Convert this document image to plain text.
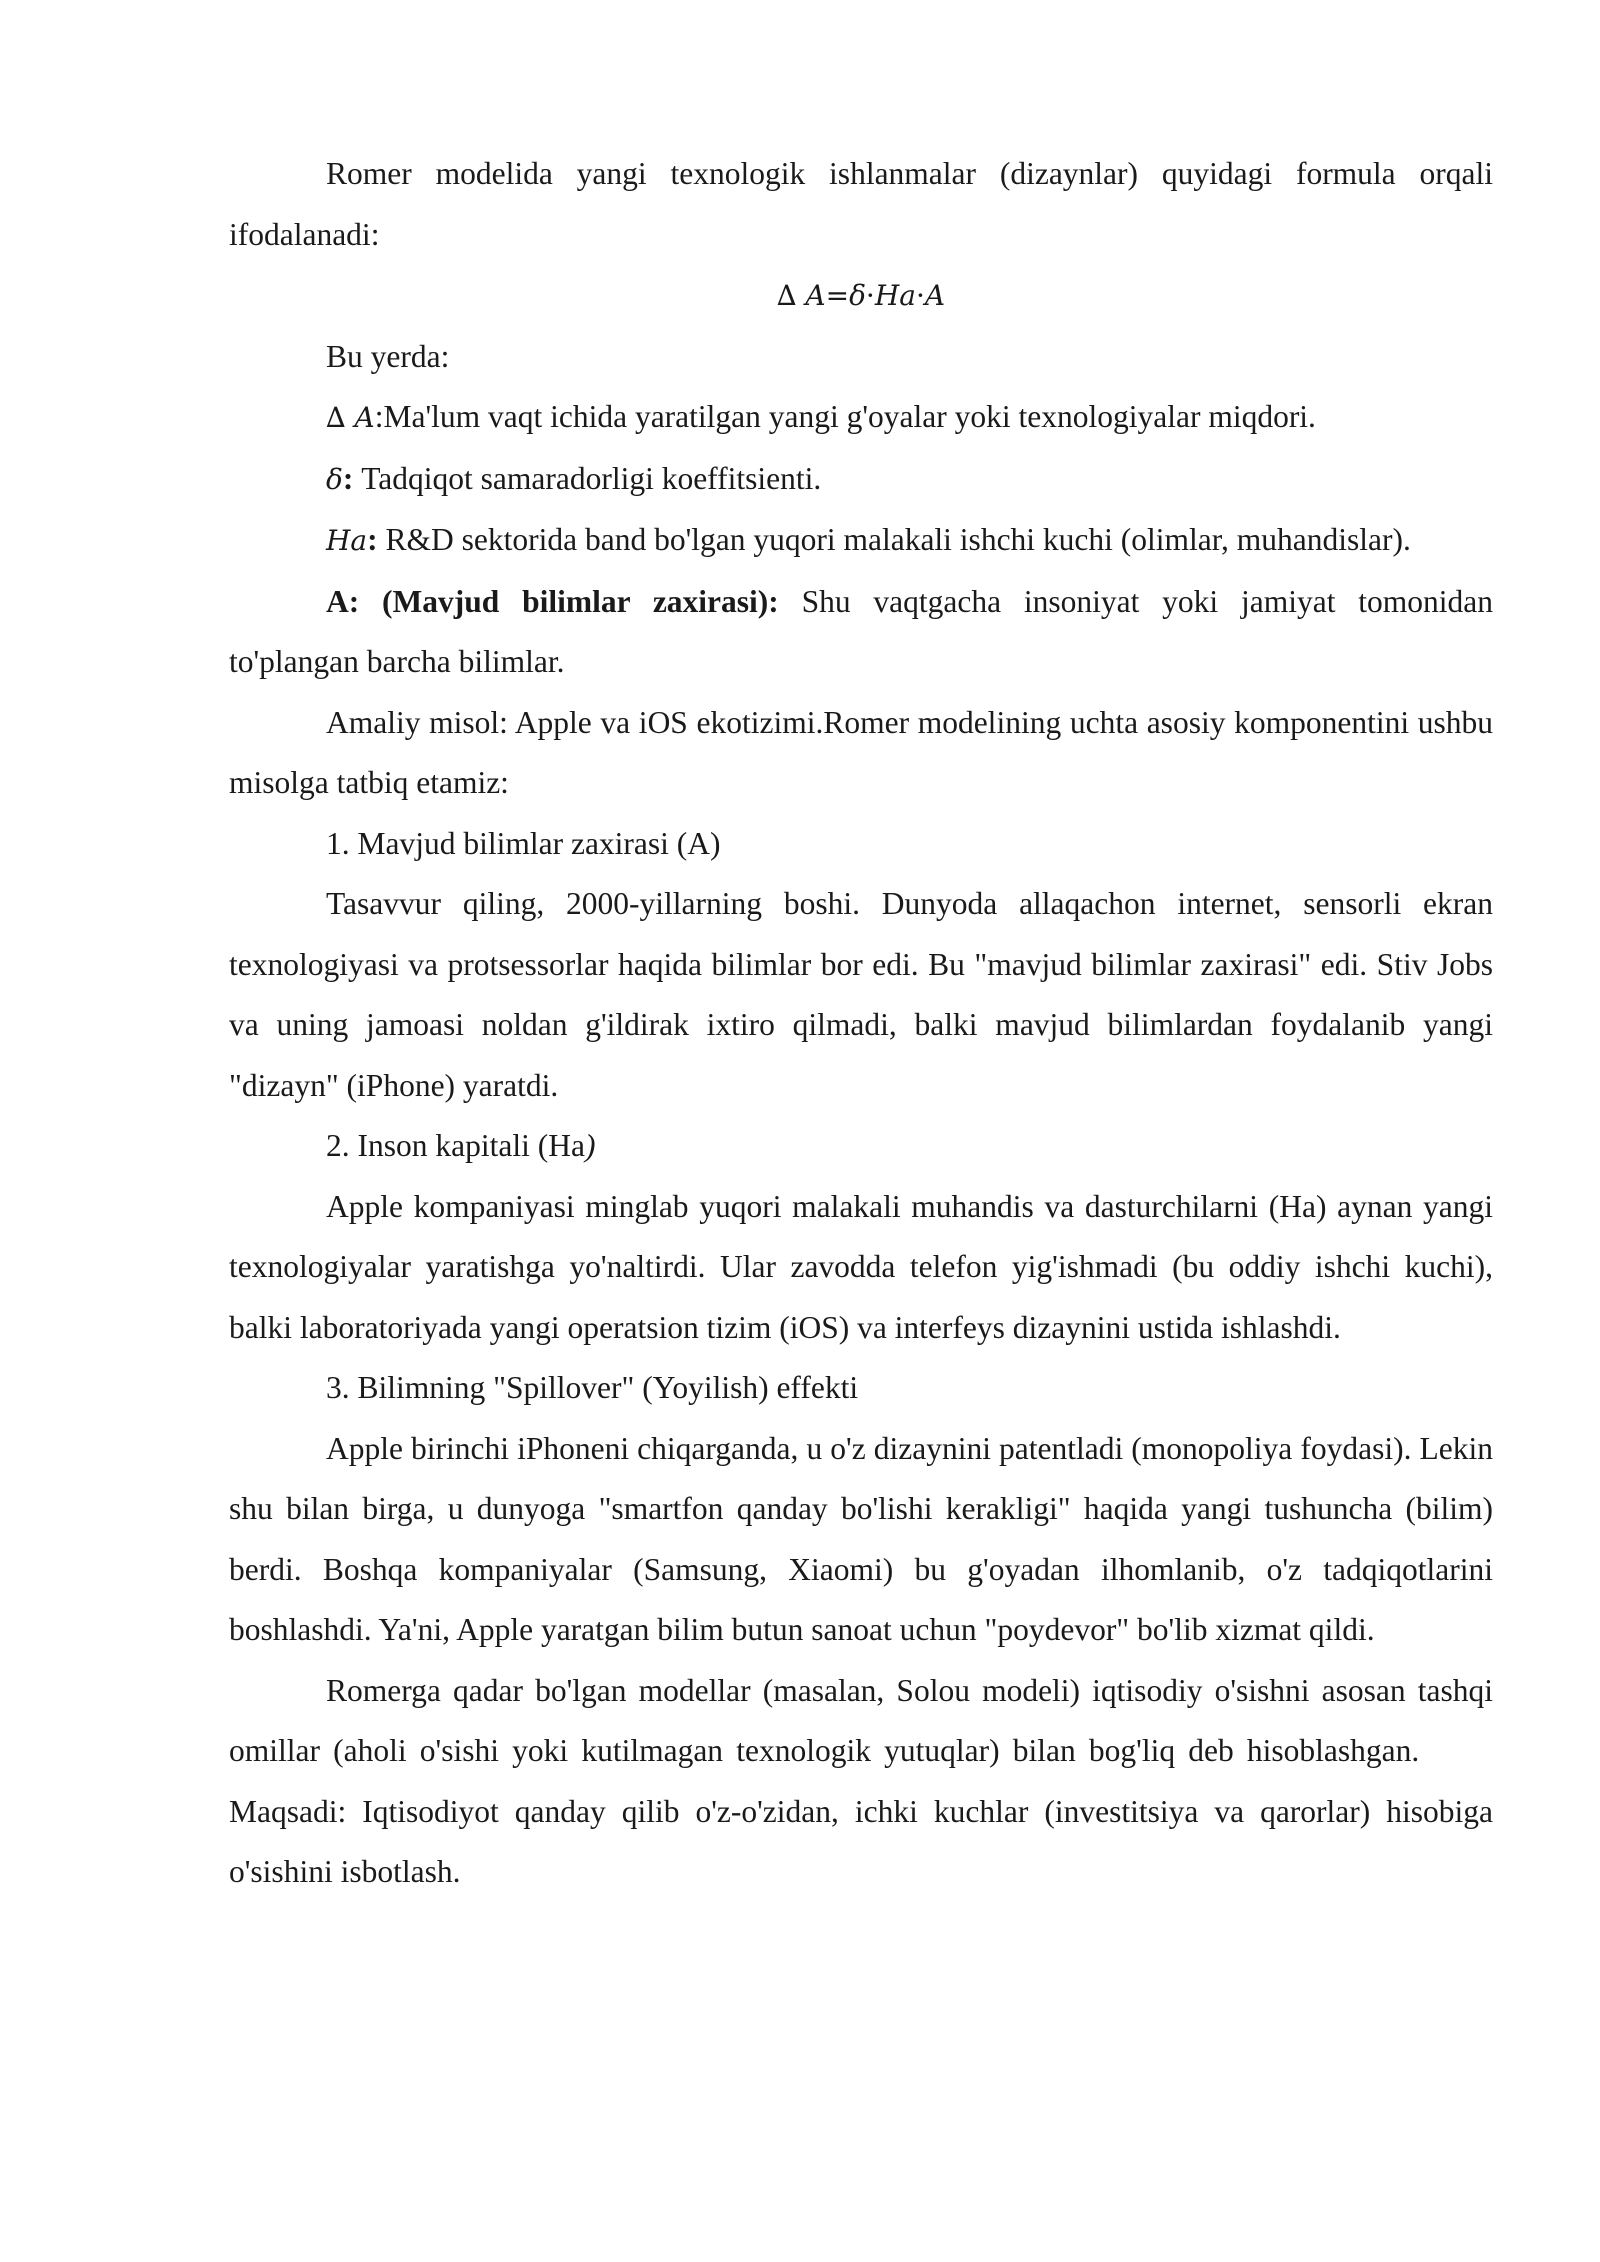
Romer modelida yangi texnologik ishlanmalar (dizaynlar) quyidagi formula orqali ifodalanadi:

∆ A=δ·Ha·A

Bu yerda:

∆ A:Ma'lum vaqt ichida yaratilgan yangi g'oyalar yoki texnologiyalar miqdori.

δ: Tadqiqot samaradorligi koeffitsienti.

Ha: R&D sektorida band bo'lgan yuqori malakali ishchi kuchi (olimlar, muhandislar).

A: (Mavjud bilimlar zaxirasi): Shu vaqtgacha insoniyat yoki jamiyat tomonidan to'plangan barcha bilimlar.

Amaliy misol: Apple va iOS ekotizimi.Romer modelining uchta asosiy komponentini ushbu misolga tatbiq etamiz:

1. Mavjud bilimlar zaxirasi (A)

Tasavvur qiling, 2000-yillarning boshi. Dunyoda allaqachon internet, sensorli ekran texnologiyasi va protsessorlar haqida bilimlar bor edi. Bu "mavjud bilimlar zaxirasi" edi. Stiv Jobs va uning jamoasi noldan g'ildirak ixtiro qilmadi, balki mavjud bilimlardan foydalanib yangi "dizayn" (iPhone) yaratdi.

2. Inson kapitali (Ha)

Apple kompaniyasi minglab yuqori malakali muhandis va dasturchilarni (Ha) aynan yangi texnologiyalar yaratishga yo'naltirdi. Ular zavodda telefon yig'ishmadi (bu oddiy ishchi kuchi), balki laboratoriyada yangi operatsion tizim (iOS) va interfeys dizaynini ustida ishlashdi.

3. Bilimning "Spillover" (Yoyilish) effekti

Apple birinchi iPhoneni chiqarganda, u o'z dizaynini patentladi (monopoliya foydasi). Lekin shu bilan birga, u dunyoga "smartfon qanday bo'lishi kerakligi" haqida yangi tushuncha (bilim) berdi. Boshqa kompaniyalar (Samsung, Xiaomi) bu g'oyadan ilhomlanib, o'z tadqiqotlarini boshlashdi. Ya'ni, Apple yaratgan bilim butun sanoat uchun "poydevor" bo'lib xizmat qildi.

Romerga qadar bo'lgan modellar (masalan, Solou modeli) iqtisodiy o'sishni asosan tashqi omillar (aholi o'sishi yoki kutilmagan texnologik yutuqlar) bilan bog'liq deb hisoblashgan.       Maqsadi: Iqtisodiyot qanday qilib o'z-o'zidan, ichki kuchlar (investitsiya va qarorlar) hisobiga o'sishini isbotlash.
